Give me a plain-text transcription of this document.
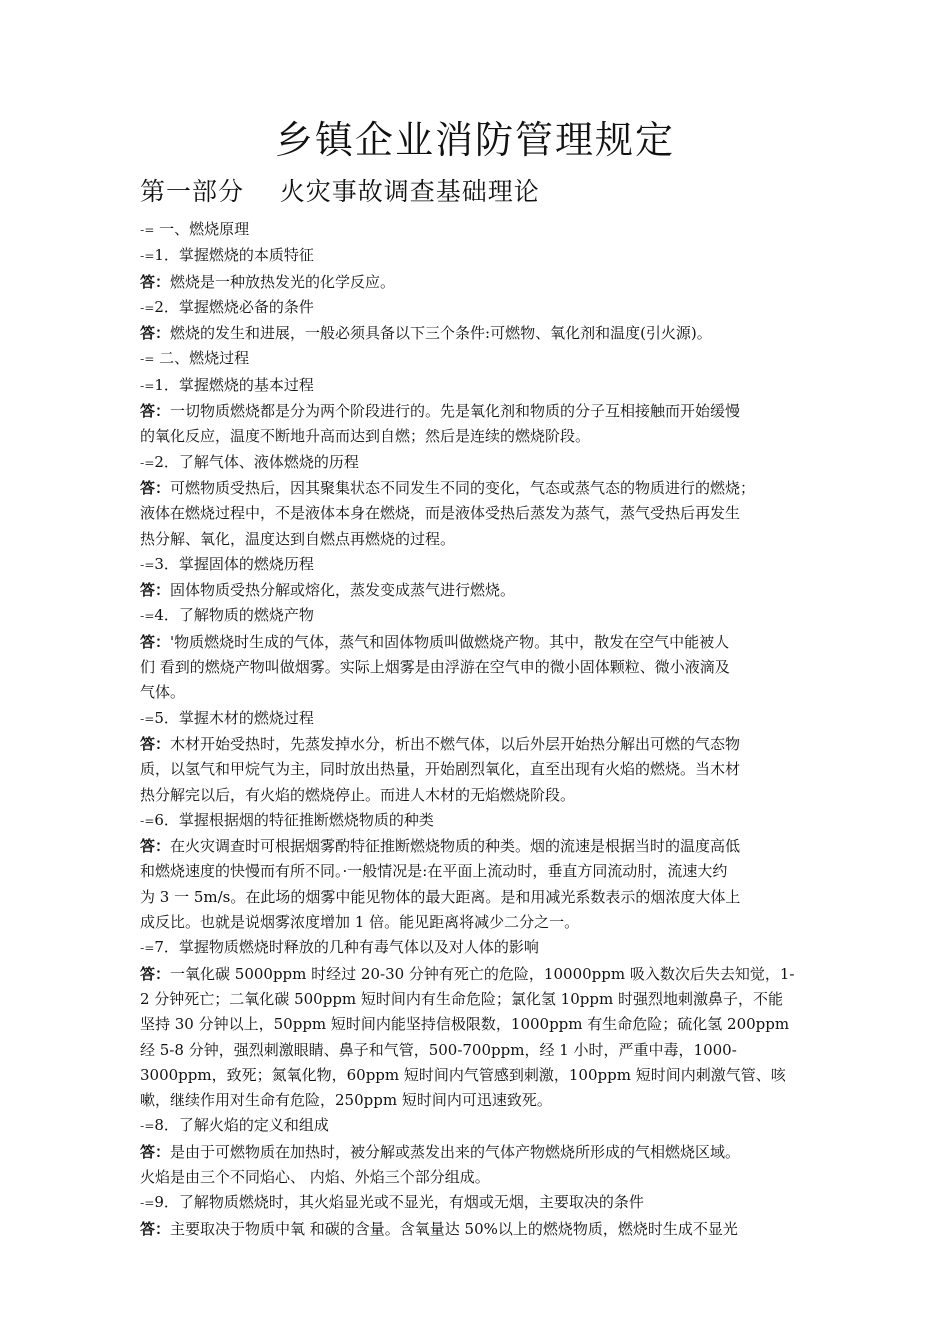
乡镇企业消防管理规定
第一部分    火灾事故调查基础理论
-= 一、燃烧原理
-=1．掌握燃烧的本质特征
答：燃烧是一种放热发光的化学反应。
-=2．掌握燃烧必备的条件
答：燃烧的发生和进展，一般必须具备以下三个条件:可燃物、氧化剂和温度(引火源)。
-= 二、燃烧过程
-=1．掌握燃烧的基本过程
答：一切物质燃烧都是分为两个阶段进行的。先是氧化剂和物质的分子互相接触而开始缓慢
的氧化反应，温度不断地升高而达到自燃；然后是连续的燃烧阶段。
-=2．了解气体、液体燃烧的历程
答：可燃物质受热后，因其聚集状态不同发生不同的变化，气态或蒸气态的物质进行的燃烧；
液体在燃烧过程中，不是液体本身在燃烧，而是液体受热后蒸发为蒸气，蒸气受热后再发生
热分解、氧化，温度达到自燃点再燃烧的过程。
-=3．掌握固体的燃烧历程
答：固体物质受热分解或熔化，蒸发变成蒸气进行燃烧。
-=4．了解物质的燃烧产物
答：'物质燃烧时生成的气体，蒸气和固体物质叫做燃烧产物。其中，散发在空气中能被人
们 看到的燃烧产物叫做烟雾。实际上烟雾是由浮游在空气申的微小固体颗粒、微小液滴及
气体。
-=5．掌握木材的燃烧过程
答：木材开始受热时，先蒸发掉水分，析出不燃气体，以后外层开始热分解出可燃的气态物
质，以氢气和甲烷气为主，同时放出热量，开始剧烈氧化，直至出现有火焰的燃烧。当木材
热分解完以后，有火焰的燃烧停止。而进人木材的无焰燃烧阶段。
-=6．掌握根据烟的特征推断燃烧物质的种类
答：在火灾调查时可根据烟雾酌特征推断燃烧物质的种类。烟的流速是根据当时的温度高低
和燃烧速度的快慢而有所不同。·一般情况是:在平面上流动时，垂直方同流动肘，流速大约
为 3 一 5m/s。在此场的烟雾中能见物体的最大距离。是和用减光系数表示的烟浓度大体上
成反比。也就是说烟雾浓度增加 1 倍。能见距离将减少二分之一。
-=7．掌握物质燃烧时释放的几种有毒气体以及对人体的影响
答：一氧化碳 5000ppm 时经过 20-30 分钟有死亡的危险，10000ppm 吸入数次后失去知觉，1-
2 分钟死亡；二氧化碳 500ppm 短时间内有生命危险；氯化氢 10ppm 时强烈地刺激鼻子，不能
坚持 30 分钟以上，50ppm 短时间内能坚持信极限数，1000ppm 有生命危险；硫化氢 200ppm
经 5-8 分钟，强烈刺激眼睛、鼻子和气管，500-700ppm，经 1 小时，严重中毒，1000-
3000ppm，致死；氮氧化物，60ppm 短时间内气管感到刺激，100ppm 短时间内刺激气管、咳
嗽，继续作用对生命有危险，250ppm 短时间内可迅速致死。
-=8．了解火焰的定义和组成
答：是由于可燃物质在加热时，被分解或蒸发出来的气体产物燃烧所形成的气相燃烧区域。
火焰是由三个不同焰心、 内焰、外焰三个部分组成。
-=9．了解物质燃烧时，其火焰显光或不显光，有烟或无烟，主要取决的条件
答：主要取决于物质中氧 和碳的含量。含氧量达 50%以上的燃烧物质，燃烧时生成不显光
